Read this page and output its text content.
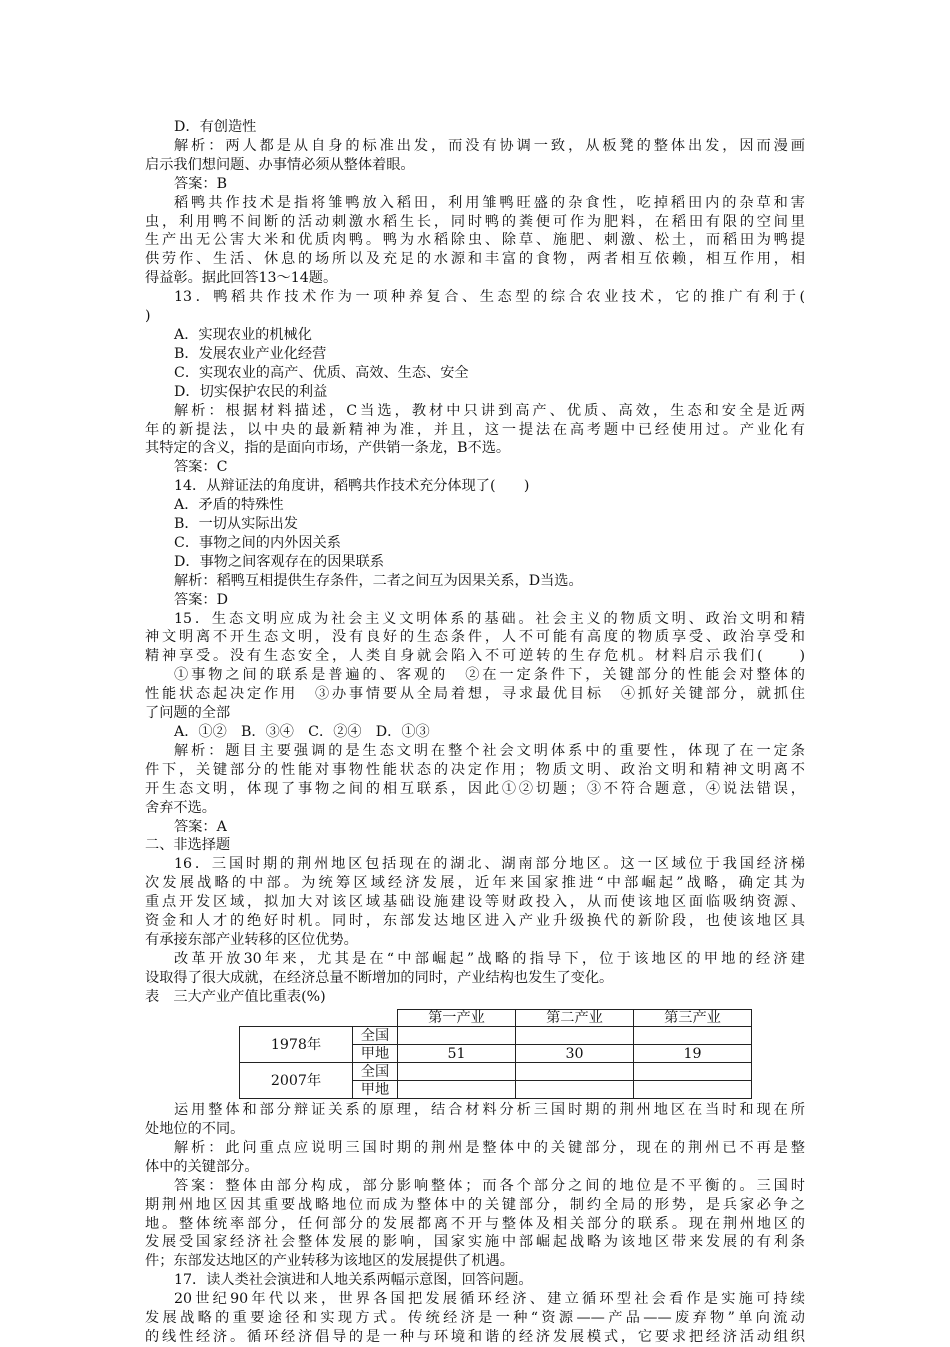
D．有创造性
解析：两人都是从自身的标准出发，而没有协调一致，从板凳的整体出发，因而漫画
启示我们想问题、办事情必须从整体着眼。
答案：B
稻鸭共作技术是指将雏鸭放入稻田，利用雏鸭旺盛的杂食性，吃掉稻田内的杂草和害
虫，利用鸭不间断的活动刺激水稻生长，同时鸭的粪便可作为肥料，在稻田有限的空间里
生产出无公害大米和优质肉鸭。鸭为水稻除虫、除草、施肥、刺激、松土，而稻田为鸭提
供劳作、生活、休息的场所以及充足的水源和丰富的食物，两者相互依赖，相互作用，相
得益彰。据此回答13～14题。
13．鸭稻共作技术作为一项种养复合、生态型的综合农业技术，它的推广有利于(
)
A．实现农业的机械化
B．发展农业产业化经营
C．实现农业的高产、优质、高效、生态、安全
D．切实保护农民的利益
解析：根据材料描述，C当选，教材中只讲到高产、优质、高效，生态和安全是近两
年的新提法，以中央的最新精神为准，并且，这一提法在高考题中已经使用过。产业化有
其特定的含义，指的是面向市场，产供销一条龙，B不选。
答案：C
14．从辩证法的角度讲，稻鸭共作技术充分体现了(　　)
A．矛盾的特殊性
B．一切从实际出发
C．事物之间的内外因关系
D．事物之间客观存在的因果联系
解析：稻鸭互相提供生存条件，二者之间互为因果关系，D当选。
答案：D
15．生态文明应成为社会主义文明体系的基础。社会主义的物质文明、政治文明和精
神文明离不开生态文明，没有良好的生态条件，人不可能有高度的物质享受、政治享受和
精神享受。没有生态安全，人类自身就会陷入不可逆转的生存危机。材料启示我们(　　)
①事物之间的联系是普遍的、客观的　②在一定条件下，关键部分的性能会对整体的
性能状态起决定作用　③办事情要从全局着想，寻求最优目标　④抓好关键部分，就抓住
了问题的全部
A．①②　B．③④　C．②④　D．①③
解析：题目主要强调的是生态文明在整个社会文明体系中的重要性，体现了在一定条
件下，关键部分的性能对事物性能状态的决定作用；物质文明、政治文明和精神文明离不
开生态文明，体现了事物之间的相互联系，因此①②切题；③不符合题意，④说法错误，
舍弃不选。
答案：A
二、非选择题
16．三国时期的荆州地区包括现在的湖北、湖南部分地区。这一区域位于我国经济梯
次发展战略的中部。为统筹区域经济发展，近年来国家推进“中部崛起”战略，确定其为
重点开发区域，拟加大对该区域基础设施建设等财政投入，从而使该地区面临吸纳资源、
资金和人才的绝好时机。同时，东部发达地区进入产业升级换代的新阶段，也使该地区具
有承接东部产业转移的区位优势。
改革开放30年来，尤其是在“中部崛起”战略的指导下，位于该地区的甲地的经济建
设取得了很大成就，在经济总量不断增加的同时，产业结构也发生了变化。
表　三大产业产值比重表(%)
		第一产业	第二产业	第三产业
1978年	全国			
	甲地	51	30	19
2007年	全国			
	甲地			
运用整体和部分辩证关系的原理，结合材料分析三国时期的荆州地区在当时和现在所
处地位的不同。
解析：此问重点应说明三国时期的荆州是整体中的关键部分，现在的荆州已不再是整
体中的关键部分。
答案：整体由部分构成，部分影响整体；而各个部分之间的地位是不平衡的。三国时
期荆州地区因其重要战略地位而成为整体中的关键部分，制约全局的形势，是兵家必争之
地。整体统率部分，任何部分的发展都离不开与整体及相关部分的联系。现在荆州地区的
发展受国家经济社会整体发展的影响，国家实施中部崛起战略为该地区带来发展的有利条
件；东部发达地区的产业转移为该地区的发展提供了机遇。
17．读人类社会演进和人地关系两幅示意图，回答问题。
20世纪90年代以来，世界各国把发展循环经济、建立循环型社会看作是实施可持续
发展战略的重要途径和实现方式。传统经济是一种“资源——产品——废弃物”单向流动
的线性经济。循环经济倡导的是一种与环境和谐的经济发展模式，它要求把经济活动组织
